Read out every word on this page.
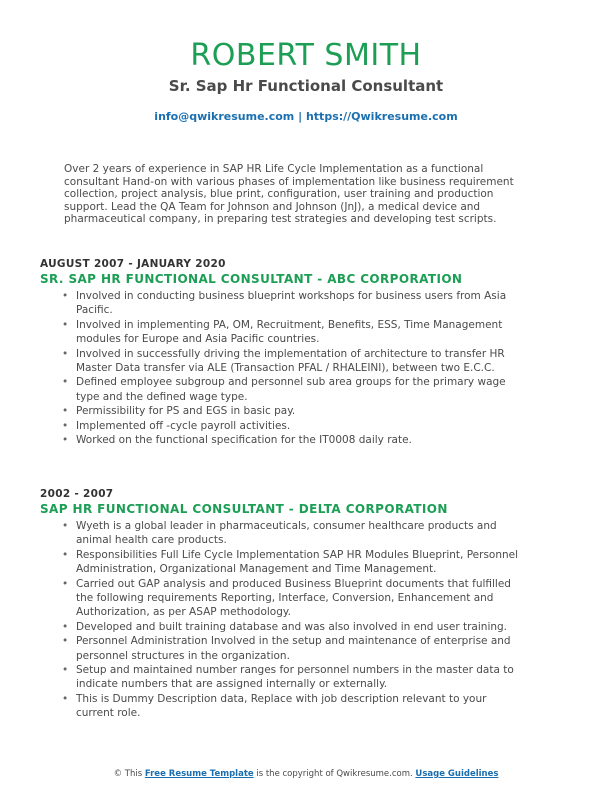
ROBERT SMITH
Sr. Sap Hr Functional Consultant
info@qwikresume.com | https://Qwikresume.com
Over 2 years of experience in SAP HR Life Cycle Implementation as a functional consultant Hand-on with various phases of implementation like business requirement collection, project analysis, blue print, configuration, user training and production support. Lead the QA Team for Johnson and Johnson (JnJ), a medical device and pharmaceutical company, in preparing test strategies and developing test scripts.
AUGUST 2007 - JANUARY 2020
SR. SAP HR FUNCTIONAL CONSULTANT - ABC CORPORATION
• Involved in conducting business blueprint workshops for business users from Asia Pacific.
• Involved in implementing PA, OM, Recruitment, Benefits, ESS, Time Management modules for Europe and Asia Pacific countries.
• Involved in successfully driving the implementation of architecture to transfer HR Master Data transfer via ALE (Transaction PFAL / RHALEINI), between two E.C.C.
• Defined employee subgroup and personnel sub area groups for the primary wage type and the defined wage type.
• Permissibility for PS and EGS in basic pay.
• Implemented off -cycle payroll activities.
• Worked on the functional specification for the IT0008 daily rate.
2002 - 2007
SAP HR FUNCTIONAL CONSULTANT - DELTA CORPORATION
• Wyeth is a global leader in pharmaceuticals, consumer healthcare products and animal health care products.
• Responsibilities Full Life Cycle Implementation SAP HR Modules Blueprint, Personnel Administration, Organizational Management and Time Management.
• Carried out GAP analysis and produced Business Blueprint documents that fulfilled the following requirements Reporting, Interface, Conversion, Enhancement and Authorization, as per ASAP methodology.
• Developed and built training database and was also involved in end user training.
• Personnel Administration Involved in the setup and maintenance of enterprise and personnel structures in the organization.
• Setup and maintained number ranges for personnel numbers in the master data to indicate numbers that are assigned internally or externally.
• This is Dummy Description data, Replace with job description relevant to your current role.
© This Free Resume Template is the copyright of Qwikresume.com. Usage Guidelines
